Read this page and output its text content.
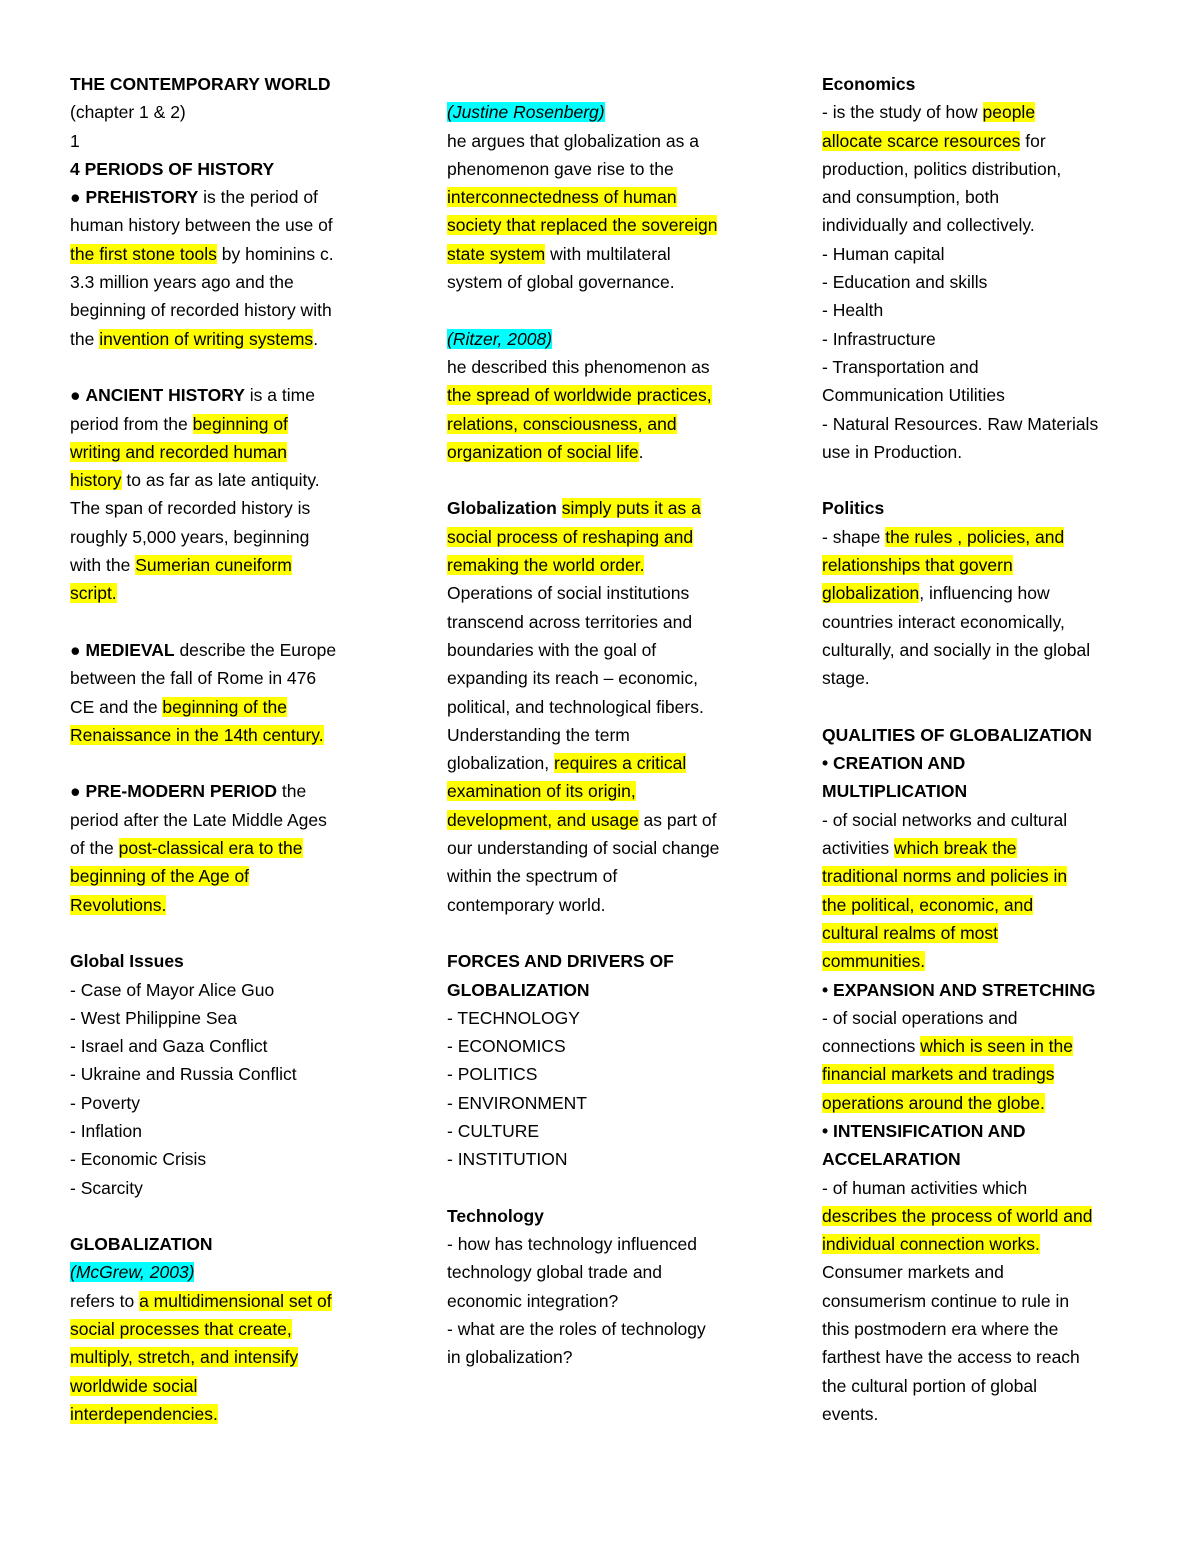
THE CONTEMPORARY WORLD
(chapter 1 & 2)
1
4 PERIODS OF HISTORY
● PREHISTORY is the period of
human history between the use of
the first stone tools by hominins c.
3.3 million years ago and the
beginning of recorded history with
the invention of writing systems.
● ANCIENT HISTORY is a time
period from the beginning of
writing and recorded human
history to as far as late antiquity.
The span of recorded history is
roughly 5,000 years, beginning
with the Sumerian cuneiform
script.
● MEDIEVAL describe the Europe
between the fall of Rome in 476
CE and the beginning of the
Renaissance in the 14th century.
● PRE-MODERN PERIOD the
period after the Late Middle Ages
of the post-classical era to the
beginning of the Age of
Revolutions.
Global Issues
- Case of Mayor Alice Guo
- West Philippine Sea
- Israel and Gaza Conflict
- Ukraine and Russia Conflict
- Poverty
- Inflation
- Economic Crisis
- Scarcity
GLOBALIZATION
(McGrew, 2003)
refers to a multidimensional set of
social processes that create,
multiply, stretch, and intensify
worldwide social
interdependencies.
(Justine Rosenberg)
he argues that globalization as a
phenomenon gave rise to the
interconnectedness of human
society that replaced the sovereign
state system with multilateral
system of global governance.
(Ritzer, 2008)
he described this phenomenon as
the spread of worldwide practices,
relations, consciousness, and
organization of social life.
Globalization simply puts it as a
social process of reshaping and
remaking the world order.
Operations of social institutions
transcend across territories and
boundaries with the goal of
expanding its reach – economic,
political, and technological fibers.
Understanding the term
globalization, requires a critical
examination of its origin,
development, and usage as part of
our understanding of social change
within the spectrum of
contemporary world.
FORCES AND DRIVERS OF
GLOBALIZATION
- TECHNOLOGY
- ECONOMICS
- POLITICS
- ENVIRONMENT
- CULTURE
- INSTITUTION
Technology
- how has technology influenced
technology global trade and
economic integration?
- what are the roles of technology
in globalization?
Economics
- is the study of how people
allocate scarce resources for
production, politics distribution,
and consumption, both
individually and collectively.
- Human capital
- Education and skills
- Health
- Infrastructure
- Transportation and
Communication Utilities
- Natural Resources. Raw Materials
use in Production.
Politics
- shape the rules , policies, and
relationships that govern
globalization, influencing how
countries interact economically,
culturally, and socially in the global
stage.
QUALITIES OF GLOBALIZATION
• CREATION AND
MULTIPLICATION
- of social networks and cultural
activities which break the
traditional norms and policies in
the political, economic, and
cultural realms of most
communities.
• EXPANSION AND STRETCHING
- of social operations and
connections which is seen in the
financial markets and tradings
operations around the globe.
• INTENSIFICATION AND
ACCELARATION
- of human activities which
describes the process of world and
individual connection works.
Consumer markets and
consumerism continue to rule in
this postmodern era where the
farthest have the access to reach
the cultural portion of global
events.
